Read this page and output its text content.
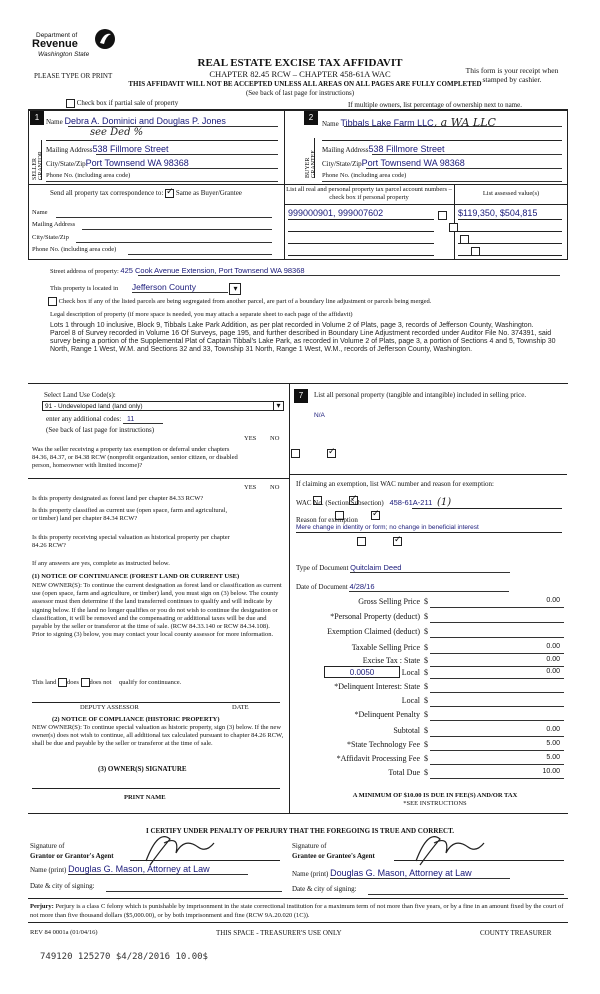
Department of
Revenue
Washington State
PLEASE TYPE OR PRINT
REAL ESTATE EXCISE TAX AFFIDAVIT
CHAPTER 82.45 RCW – CHAPTER 458-61A WAC
THIS AFFIDAVIT WILL NOT BE ACCEPTED UNLESS ALL AREAS ON ALL PAGES ARE FULLY COMPLETED
(See back of last page for instructions)
This form is your receipt when stamped by cashier.
Check box if partial sale of property	If multiple owners, list percentage of ownership next to name.
1
SELLER GRANTOR
Name Debra A. Dominici and Douglas P. Jones
see Ded %
Mailing Address538 Fillmore Street
City/State/ZipPort Townsend WA 98368
Phone No. (including area code)
2
BUYER GRANTEE
Name Tibbals Lake Farm LLC, a WA LLC
Mailing Address538 Fillmore Street
City/State/ZipPort Townsend WA 98368
Phone No. (including area code)
Send all property tax correspondence to: ✓ Same as Buyer/Grantee
Name
Mailing Address
City/State/Zip
Phone No. (including area code)
List all real and personal property tax parcel account numbers – check box if personal property
List assessed value(s)
999000901, 999007602	$119,350, $504,815

Street address of property: 425 Cook Avenue Extension, Port Townsend WA 98368
This property is located in Jefferson County	▾
Check box if any of the listed parcels are being segregated from another parcel, are part of a boundary line adjustment or parcels being merged.
Legal description of property (if more space is needed, you may attach a separate sheet to each page of the affidavit)
Lots 1 through 10 inclusive, Block 9, Tibbals Lake Park Addition, as per plat recorded in Volume 2 of Plats, page 3, records of Jefferson County, Washington.
Parcel 8 of Survey recorded in Volume 16 Of Surveys, page 195, and further described in Boundary Line Adjustment recorded under Auditor File No. 374391, said survey being a portion of the Supplemental Plat of Captain Tibbal's Lake Park, as recorded in Volume 2 of Plats, page 3, a portion of Sections 4 and 5, Township 30 North, Range 1 West, W.M. and Sections 32 and 33, Township 31 North, Range 1 West, W.M., records of Jefferson County, Washington.
Select Land Use Code(s):
91 - Undeveloped land (land only)	▾
enter any additional codes: 11
(See back of last page for instructions)
YES NO
Was the seller receiving a property tax exemption or deferral under chapters 84.36, 84.37, or 84.38 RCW (nonprofit organization, senior citizen, or disabled person, homeowner with limited income)?
✓
YES NO
Is this property designated as forest land per chapter 84.33 RCW?
✓
Is this property classified as current use (open space, farm and agricultural, or timber) land per chapter 84.34 RCW?
✓
Is this property receiving special valuation as historical property per chapter 84.26 RCW?
✓
If any answers are yes, complete as instructed below.
(1) NOTICE OF CONTINUANCE (FOREST LAND OR CURRENT USE)
NEW OWNER(S): To continue the current designation as forest land or classification as current use (open space, farm and agriculture, or timber) land, you must sign on (3) below. The county assessor must then determine if the land transferred continues to qualify and will indicate by signing below. If the land no longer qualifies or you do not wish to continue the designation or classification, it will be removed and the compensating or additional taxes will be due and payable by the seller or transferor at the time of sale. (RCW 84.33.140 or RCW 84.34.108). Prior to signing (3) below, you may contact your local county assessor for more information.
This land does does not qualify for continuance.
DEPUTY ASSESSOR	DATE
(2) NOTICE OF COMPLIANCE (HISTORIC PROPERTY)
NEW OWNER(S): To continue special valuation as historic property, sign (3) below. If the new owner(s) does not wish to continue, all additional tax calculated pursuant to chapter 84.26 RCW, shall be due and payable by the seller or transferor at the time of sale.
(3) OWNER(S) SIGNATURE
PRINT NAME
7	List all personal property (tangible and intangible) included in selling price.
N/A
If claiming an exemption, list WAC number and reason for exemption:
WAC No. (Section/Subsection) 458-61A-211 (1)
Reason for exemption
Mere change in identity or form; no change in beneficial interest
Type of Document Quitclaim Deed
Date of Document 4/28/16
Gross Selling Price $	0.00
*Personal Property (deduct) $
Exemption Claimed (deduct) $
Taxable Selling Price $	0.00
Excise Tax : State $	0.00
Local $	0.00
*Delinquent Interest: State $
Local $
*Delinquent Penalty $
Subtotal $	0.00
*State Technology Fee $	5.00
*Affidavit Processing Fee $	5.00
Total Due $	10.00
0.0050
A MINIMUM OF $10.00 IS DUE IN FEE(S) AND/OR TAX
*SEE INSTRUCTIONS
I CERTIFY UNDER PENALTY OF PERJURY THAT THE FOREGOING IS TRUE AND CORRECT.
Signature of
Grantor or Grantor's Agent
Name (print) Douglas G. Mason, Attorney at Law
Date & city of signing:
Signature of
Grantee or Grantee's Agent
Name (print) Douglas G. Mason, Attorney at Law
Date & city of signing:
Perjury: Perjury is a class C felony which is punishable by imprisonment in the state correctional institution for a maximum term of not more than five years, or by a fine in an amount fixed by the court of not more than five thousand dollars ($5,000.00), or by both imprisonment and fine (RCW 9A.20.020 (1C)).
REV 84 0001a (01/04/16)	THIS SPACE - TREASURER'S USE ONLY	COUNTY TREASURER
749120 125270 $4/28/2016 10.00$
